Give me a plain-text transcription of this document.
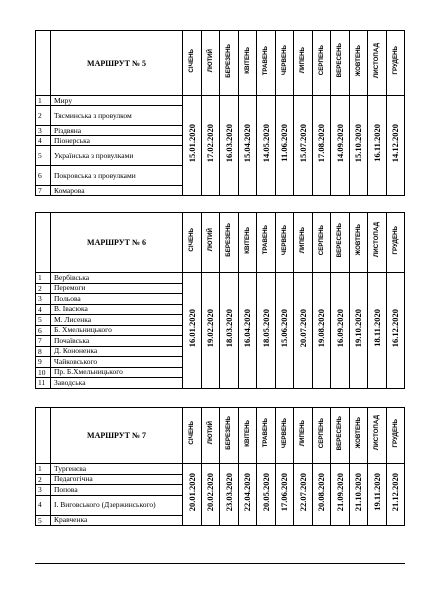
	МАРШРУТ № 5	СІЧЕНЬ	ЛЮТИЙ	БЕРЕЗЕНЬ	КВІТЕНЬ	ТРАВЕНЬ	ЧЕРВЕНЬ	ЛИПЕНЬ	СЕРПЕНЬ	ВЕРЕСЕНЬ	ЖОВТЕНЬ	ЛИСТОПАД	ГРУДЕНЬ
1	Миру	15.01.2020	17.02.2020	16.03.2020	15.04.2020	14.05.2020	11.06.2020	15.07.2020	17.08.2020	14.09.2020	15.10.2020	16.11.2020	14.12.2020
2	Тясминська з провулком												
3	Різдвяна												
4	Піонерська												
5	Українська з провулками												
6	Покровська з провулками												
7	Комарова												
	МАРШРУТ № 6	СІЧЕНЬ	ЛЮТИЙ	БЕРЕЗЕНЬ	КВІТЕНЬ	ТРАВЕНЬ	ЧЕРВЕНЬ	ЛИПЕНЬ	СЕРПЕНЬ	ВЕРЕСЕНЬ	ЖОВТЕНЬ	ЛИСТОПАД	ГРУДЕНЬ
1	Вербівська	16.01.2020	19.02.2020	18.03.2020	16.04.2020	18.05.2020	15.06.2020	20.07.2020	19.08.2020	16.09.2020	19.10.2020	18.11.2020	16.12.2020
2	Перемоги												
3	Польова												
4	В. Івасюка												
5	М. Лисенка												
6	Б. Хмельницького												
7	Почаївська												
8	Д. Кононенка												
9	Чайковського												
10	Пр. Б.Хмельницького												
11	Заводська												
	МАРШРУТ № 7	СІЧЕНЬ	ЛЮТИЙ	БЕРЕЗЕНЬ	КВІТЕНЬ	ТРАВЕНЬ	ЧЕРВЕНЬ	ЛИПЕНЬ	СЕРПЕНЬ	ВЕРЕСЕНЬ	ЖОВТЕНЬ	ЛИСТОПАД	ГРУДЕНЬ
1	Тургенєва	20.01.2020	20.02.2020	23.03.2020	22.04.2020	20.05.2020	17.06.2020	22.07.2020	20.08.2020	21.09.2020	21.10.2020	19.11.2020	21.12.2020
2	Педагогічна												
3	Попова												
4	І. Виговського (Дзержинського)												
5	Кравченка												
